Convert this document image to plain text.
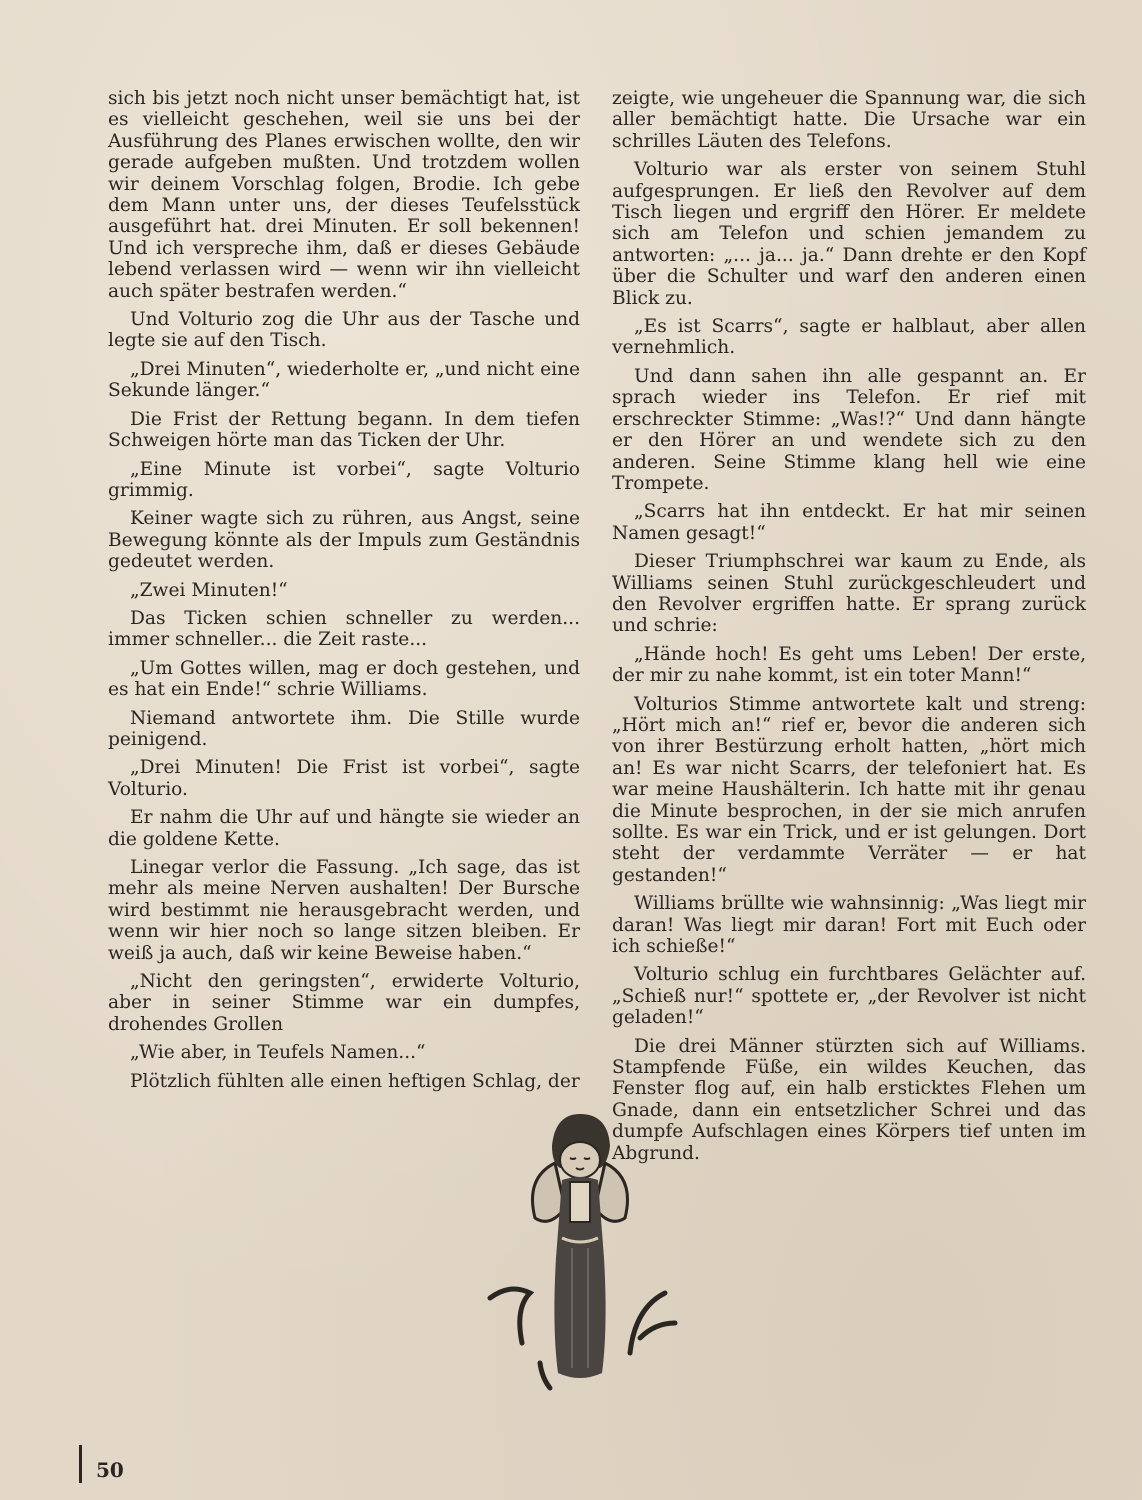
sich bis jetzt noch nicht unser bemächtigt hat, ist es vielleicht geschehen, weil sie uns bei der Ausführung des Planes erwischen wollte, den wir gerade aufgeben mußten. Und trotzdem wollen wir deinem Vorschlag folgen, Brodie. Ich gebe dem Mann unter uns, der dieses Teufelsstück ausgeführt hat. drei Minuten. Er soll bekennen! Und ich verspreche ihm, daß er dieses Gebäude lebend verlassen wird — wenn wir ihn vielleicht auch später bestrafen werden.“

Und Volturio zog die Uhr aus der Tasche und legte sie auf den Tisch.

„Drei Minuten“, wiederholte er, „und nicht eine Sekunde länger.“

Die Frist der Rettung begann. In dem tiefen Schweigen hörte man das Ticken der Uhr.

„Eine Minute ist vorbei“, sagte Volturio grimmig.

Keiner wagte sich zu rühren, aus Angst, seine Bewegung könnte als der Impuls zum Geständnis gedeutet werden.

„Zwei Minuten!“

Das Ticken schien schneller zu werden... immer schneller... die Zeit raste...

„Um Gottes willen, mag er doch gestehen, und es hat ein Ende!“ schrie Williams.

Niemand antwortete ihm. Die Stille wurde peinigend.

„Drei Minuten! Die Frist ist vorbei“, sagte Volturio.

Er nahm die Uhr auf und hängte sie wieder an die goldene Kette.

Linegar verlor die Fassung. „Ich sage, das ist mehr als meine Nerven aushalten! Der Bursche wird bestimmt nie herausgebracht werden, und wenn wir hier noch so lange sitzen bleiben. Er weiß ja auch, daß wir keine Beweise haben.“

„Nicht den geringsten“, erwiderte Volturio, aber in seiner Stimme war ein dumpfes, drohendes Grollen

„Wie aber, in Teufels Namen...“

Plötzlich fühlten alle einen heftigen Schlag, der

zeigte, wie ungeheuer die Spannung war, die sich aller bemächtigt hatte. Die Ursache war ein schrilles Läuten des Telefons.

Volturio war als erster von seinem Stuhl aufgesprungen. Er ließ den Revolver auf dem Tisch liegen und ergriff den Hörer. Er meldete sich am Telefon und schien jemandem zu antworten: „... ja... ja.“ Dann drehte er den Kopf über die Schulter und warf den anderen einen Blick zu.

„Es ist Scarrs“, sagte er halblaut, aber allen vernehmlich.

Und dann sahen ihn alle gespannt an. Er sprach wieder ins Telefon. Er rief mit erschreckter Stimme: „Was!?“ Und dann hängte er den Hörer an und wendete sich zu den anderen. Seine Stimme klang hell wie eine Trompete.

„Scarrs hat ihn entdeckt. Er hat mir seinen Namen gesagt!“

Dieser Triumphschrei war kaum zu Ende, als Williams seinen Stuhl zurückgeschleudert und den Revolver ergriffen hatte. Er sprang zurück und schrie:

„Hände hoch! Es geht ums Leben! Der erste, der mir zu nahe kommt, ist ein toter Mann!“

Volturios Stimme antwortete kalt und streng: „Hört mich an!“ rief er, bevor die anderen sich von ihrer Bestürzung erholt hatten, „hört mich an! Es war nicht Scarrs, der telefoniert hat. Es war meine Haushälterin. Ich hatte mit ihr genau die Minute besprochen, in der sie mich anrufen sollte. Es war ein Trick, und er ist gelungen. Dort steht der verdammte Verräter — er hat gestanden!“

Williams brüllte wie wahnsinnig: „Was liegt mir daran! Was liegt mir daran! Fort mit Euch oder ich schieße!“

Volturio schlug ein furchtbares Gelächter auf. „Schieß nur!“ spottete er, „der Revolver ist nicht geladen!“

Die drei Männer stürzten sich auf Williams. Stampfende Füße, ein wildes Keuchen, das Fenster flog auf, ein halb ersticktes Flehen um Gnade, dann ein entsetzlicher Schrei und das dumpfe Aufschlagen eines Körpers tief unten im Abgrund.

50
